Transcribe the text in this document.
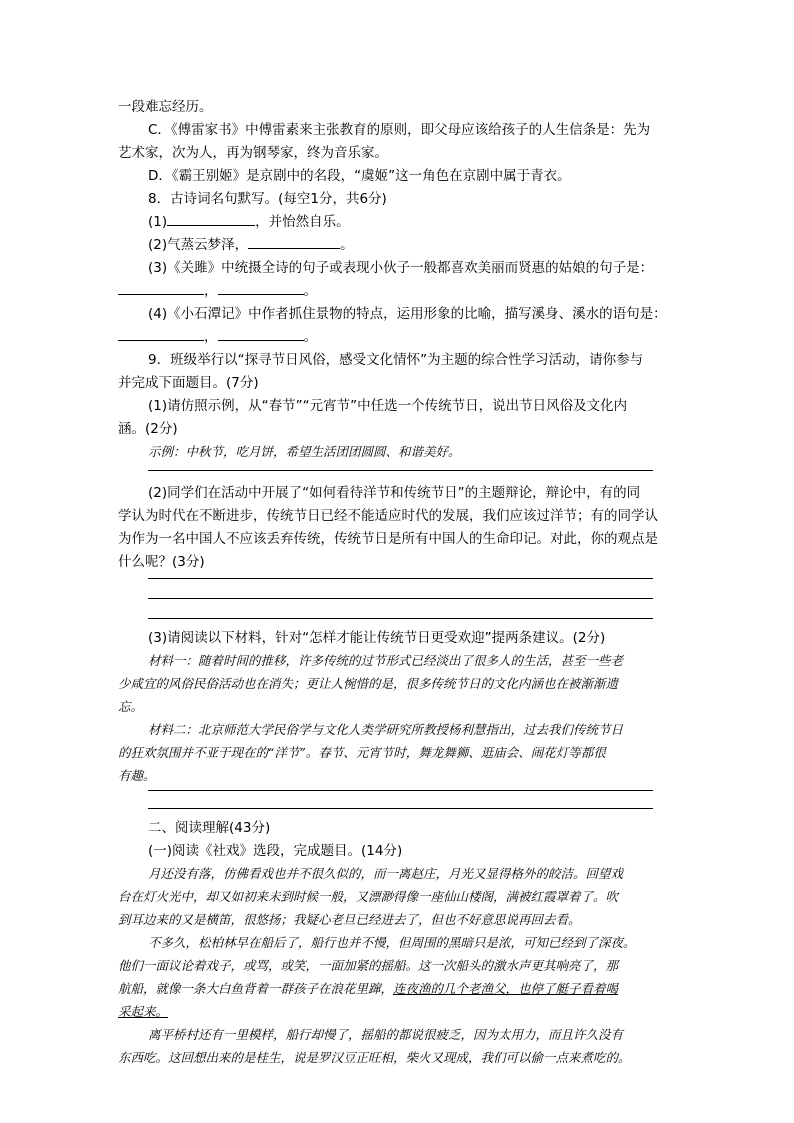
一段难忘经历。
C．《傅雷家书》中傅雷素来主张教育的原则，即父母应该给孩子的人生信条是：先为
艺术家，次为人，再为钢琴家，终为音乐家。
D．《霸王别姬》是京剧中的名段，“虞姬”这一角色在京剧中属于青衣。
8．古诗词名句默写。(每空1分，共6分)
(1)	，并怡然自乐。
(2)气蒸云梦泽，	。
(3)《关雎》中统摄全诗的句子或表现小伙子一般都喜欢美丽而贤惠的姑娘的句子是：
，	。
(4)《小石潭记》中作者抓住景物的特点，运用形象的比喻，描写溪身、溪水的语句是：
，	。
9．班级举行以“探寻节日风俗，感受文化情怀”为主题的综合性学习活动，请你参与
并完成下面题目。(7分)
(1)请仿照示例，从“春节”“元宵节”中任选一个传统节日，说出节日风俗及文化内
涵。(2分)
示例：中秋节，吃月饼，希望生活团团圆圆、和谐美好。
(2)同学们在活动中开展了“如何看待洋节和传统节日”的主题辩论，辩论中，有的同
学认为时代在不断进步，传统节日已经不能适应时代的发展，我们应该过洋节；有的同学认
为作为一名中国人不应该丢弃传统，传统节日是所有中国人的生命印记。对此，你的观点是
什么呢？(3分)
(3)请阅读以下材料，针对“怎样才能让传统节日更受欢迎”提两条建议。(2分)
材料一：随着时间的推移，许多传统的过节形式已经淡出了很多人的生活，甚至一些老
少咸宜的风俗民俗活动也在消失；更让人惋惜的是，很多传统节日的文化内涵也在被渐渐遗
忘。
材料二：北京师范大学民俗学与文化人类学研究所教授杨利慧指出，过去我们传统节日
的狂欢氛围并不亚于现在的“洋节”。春节、元宵节时，舞龙舞狮、逛庙会、闹花灯等都很
有趣。
二、阅读理解(43分)
(一)阅读《社戏》选段，完成题目。(14分)
月还没有落，仿佛看戏也并不很久似的，而一离赵庄，月光又显得格外的皎洁。回望戏
台在灯火光中，却又如初来未到时候一般，又漂渺得像一座仙山楼阁，满被红霞罩着了。吹
到耳边来的又是横笛，很悠扬；我疑心老旦已经进去了，但也不好意思说再回去看。
不多久，松柏林早在船后了，船行也并不慢，但周围的黑暗只是浓，可知已经到了深夜。
他们一面议论着戏子，或骂，或笑，一面加紧的摇船。这一次船头的激水声更其响亮了，那
航船，就像一条大白鱼背着一群孩子在浪花里蹿，连夜渔的几个老渔父，也停了艇子看着喝
采起来。
离平桥村还有一里模样，船行却慢了，摇船的都说很疲乏，因为太用力，而且许久没有
东西吃。这回想出来的是桂生，说是罗汉豆正旺相，柴火又现成，我们可以偷一点来煮吃的。
